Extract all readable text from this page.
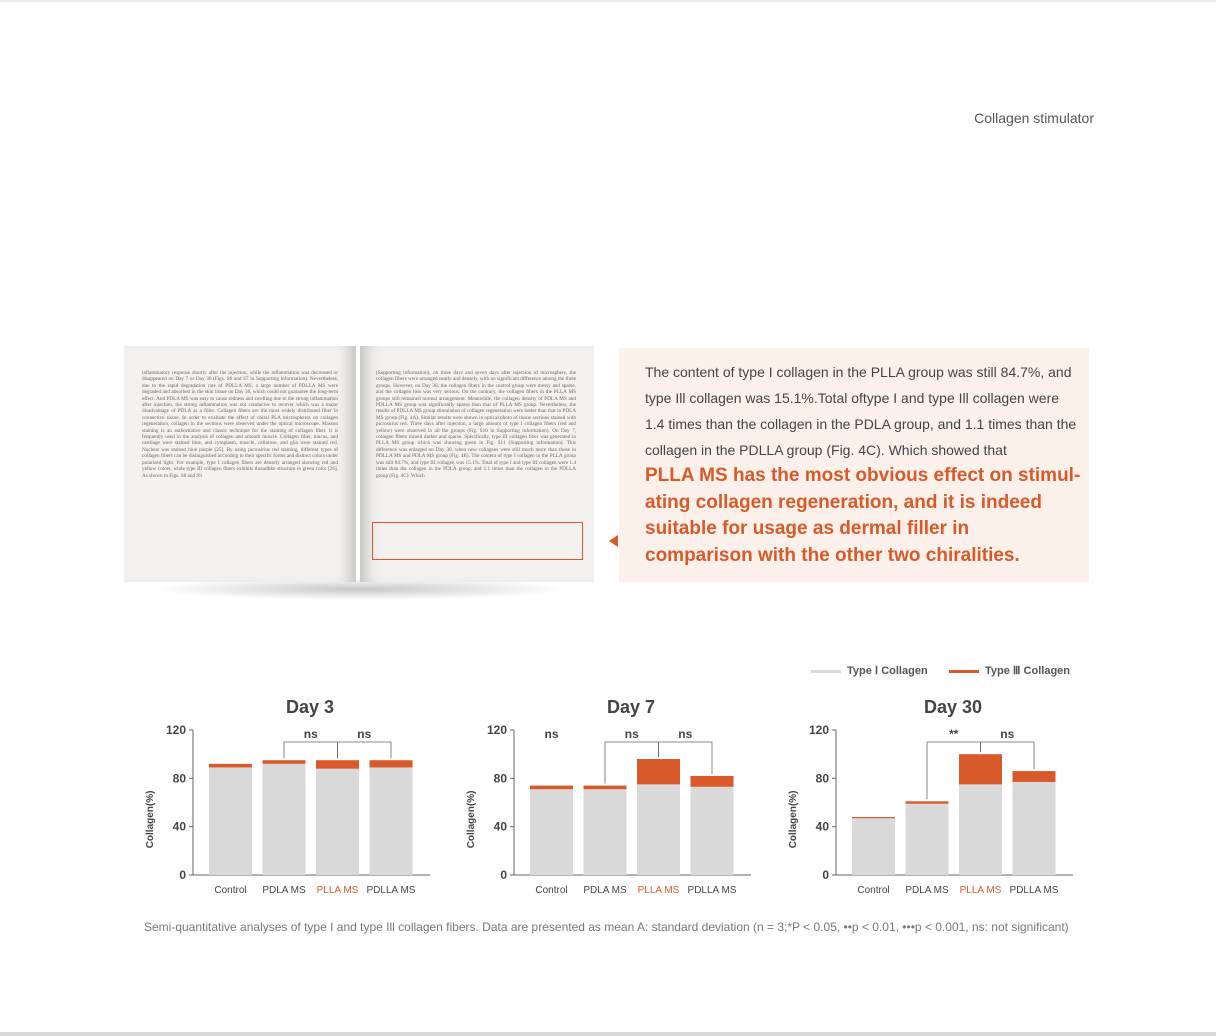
Collagen stimulator
inflammatory response shortly after the injection, while the inflammation was decreased or disappeared on Day 7 or Day 30 (Figs. S6 and S7 in Supporting information). Nevertheless, due to the rapid degradation rate of PDLLA MS, a large number of PDLLA MS were degraded and absorbed in the skin tissue on Day 30, which could not guarantee the long-term effect. And PDLA MS was easy to cause redness and swelling due to the strong inflammation after injection, the strong inflammation was not conducive to recover which was a major disadvantage of PDLA as a filler. Collagen fibers are the most widely distributed fiber in connective tissue. In order to evaluate the effect of chiral PLA microspheres on collagen regeneration, collagen in the sections were observed under the optical microscope. Masson staining is an authoritative and classic technique for the staining of collagen fiber. It is frequently used in the analysis of collagen and smooth muscle. Collagen fiber, mucus, and cartilage were stained blue, and cytoplasm, muscle, cellulose, and glia were stained red. Nucleus was stained blue purple [25]. By using picrosirius red staining, different types of collagen fibers can be distinguished according to their specific forms and distinct colors under polarized light. For example, type I collagen fibers are densely arranged showing red and yellow colors, while type III collagen fibers exhibits threadlike structure in green color [26]. As shown in Figs. S8 and S9
(Supporting information), on three days and seven days after injection of microsphere, the collagen fibers were arranged neatly and densely, with no significant difference among the three groups. However, on Day 30, the collagen fibers in the control group were messy and sparse, and the collagen loss was very serious. On the contrary, the collagen fibers in the PLLA MS groups still remained normal arrangement. Meanwhile, the collagen density of PDLA MS and PDLLA MS group was significantly sparse than that of PLLA MS group. Nevertheless, the results of PDLLA MS group stimulation of collagen regeneration were better than that in PDLA MS group (Fig. 4A). Similar results were shown in optical photo of tissue sections stained with picrosirius red. Three days after injection, a large amount of type I collagen fibers (red and yellow) were observed in all the groups (Fig. S10 in Supporting information). On Day 7, collagen fibers turned darker and sparse. Specifically, type III collagen fiber was generated in PLLA MS group which was showing green in Fig. S11 (Supporting information). This difference was enlarged on Day 30, when new collagens were still much more than those in PDLLA MS and PDLA MS group (Fig. 4B). The content of type I collagen in the PLLA group was still 84.7%, and type III collagen was 15.1%. Total of type I and type III collagen were 1.4 times than the collagen in the PDLA group, and 1.1 times than the collagen in the PDLLA group (Fig. 4C). Which
The content of type I collagen in the PLLA group was still 84.7%, and type Ill collagen was 15.1%.Total oftype I and type Ill collagen were 1.4 times than the collagen in the PDLA group, and 1.1 times than the collagen in the PDLLA group (Fig. 4C). Which showed that
PLLA MS has the most obvious effect on stimul-ating collagen regeneration, and it is indeed suitable for usage as dermal filler in comparison with the other two chiralities.
Type Ⅰ Collagen	Type Ⅲ Collagen
0
40
80
120
Collagen(%)
Day 3
Control PDLA MS PLLA MS PDLLA MS
ns	ns
0
40
80
120
Collagen(%)
Day 7
Control PDLA MS PLLA MS PDLLA MS
ns	ns
ns
0
40
80
120
Collagen(%)
Day 30
Control PDLA MS PLLA MS PDLLA MS
**	ns
Semi-quantitative analyses of type I and type Ill collagen fibers. Data are presented as mean A: standard deviation (n = 3;*P < 0.05, ••p < 0.01, •••p < 0.001, ns: not significant)
